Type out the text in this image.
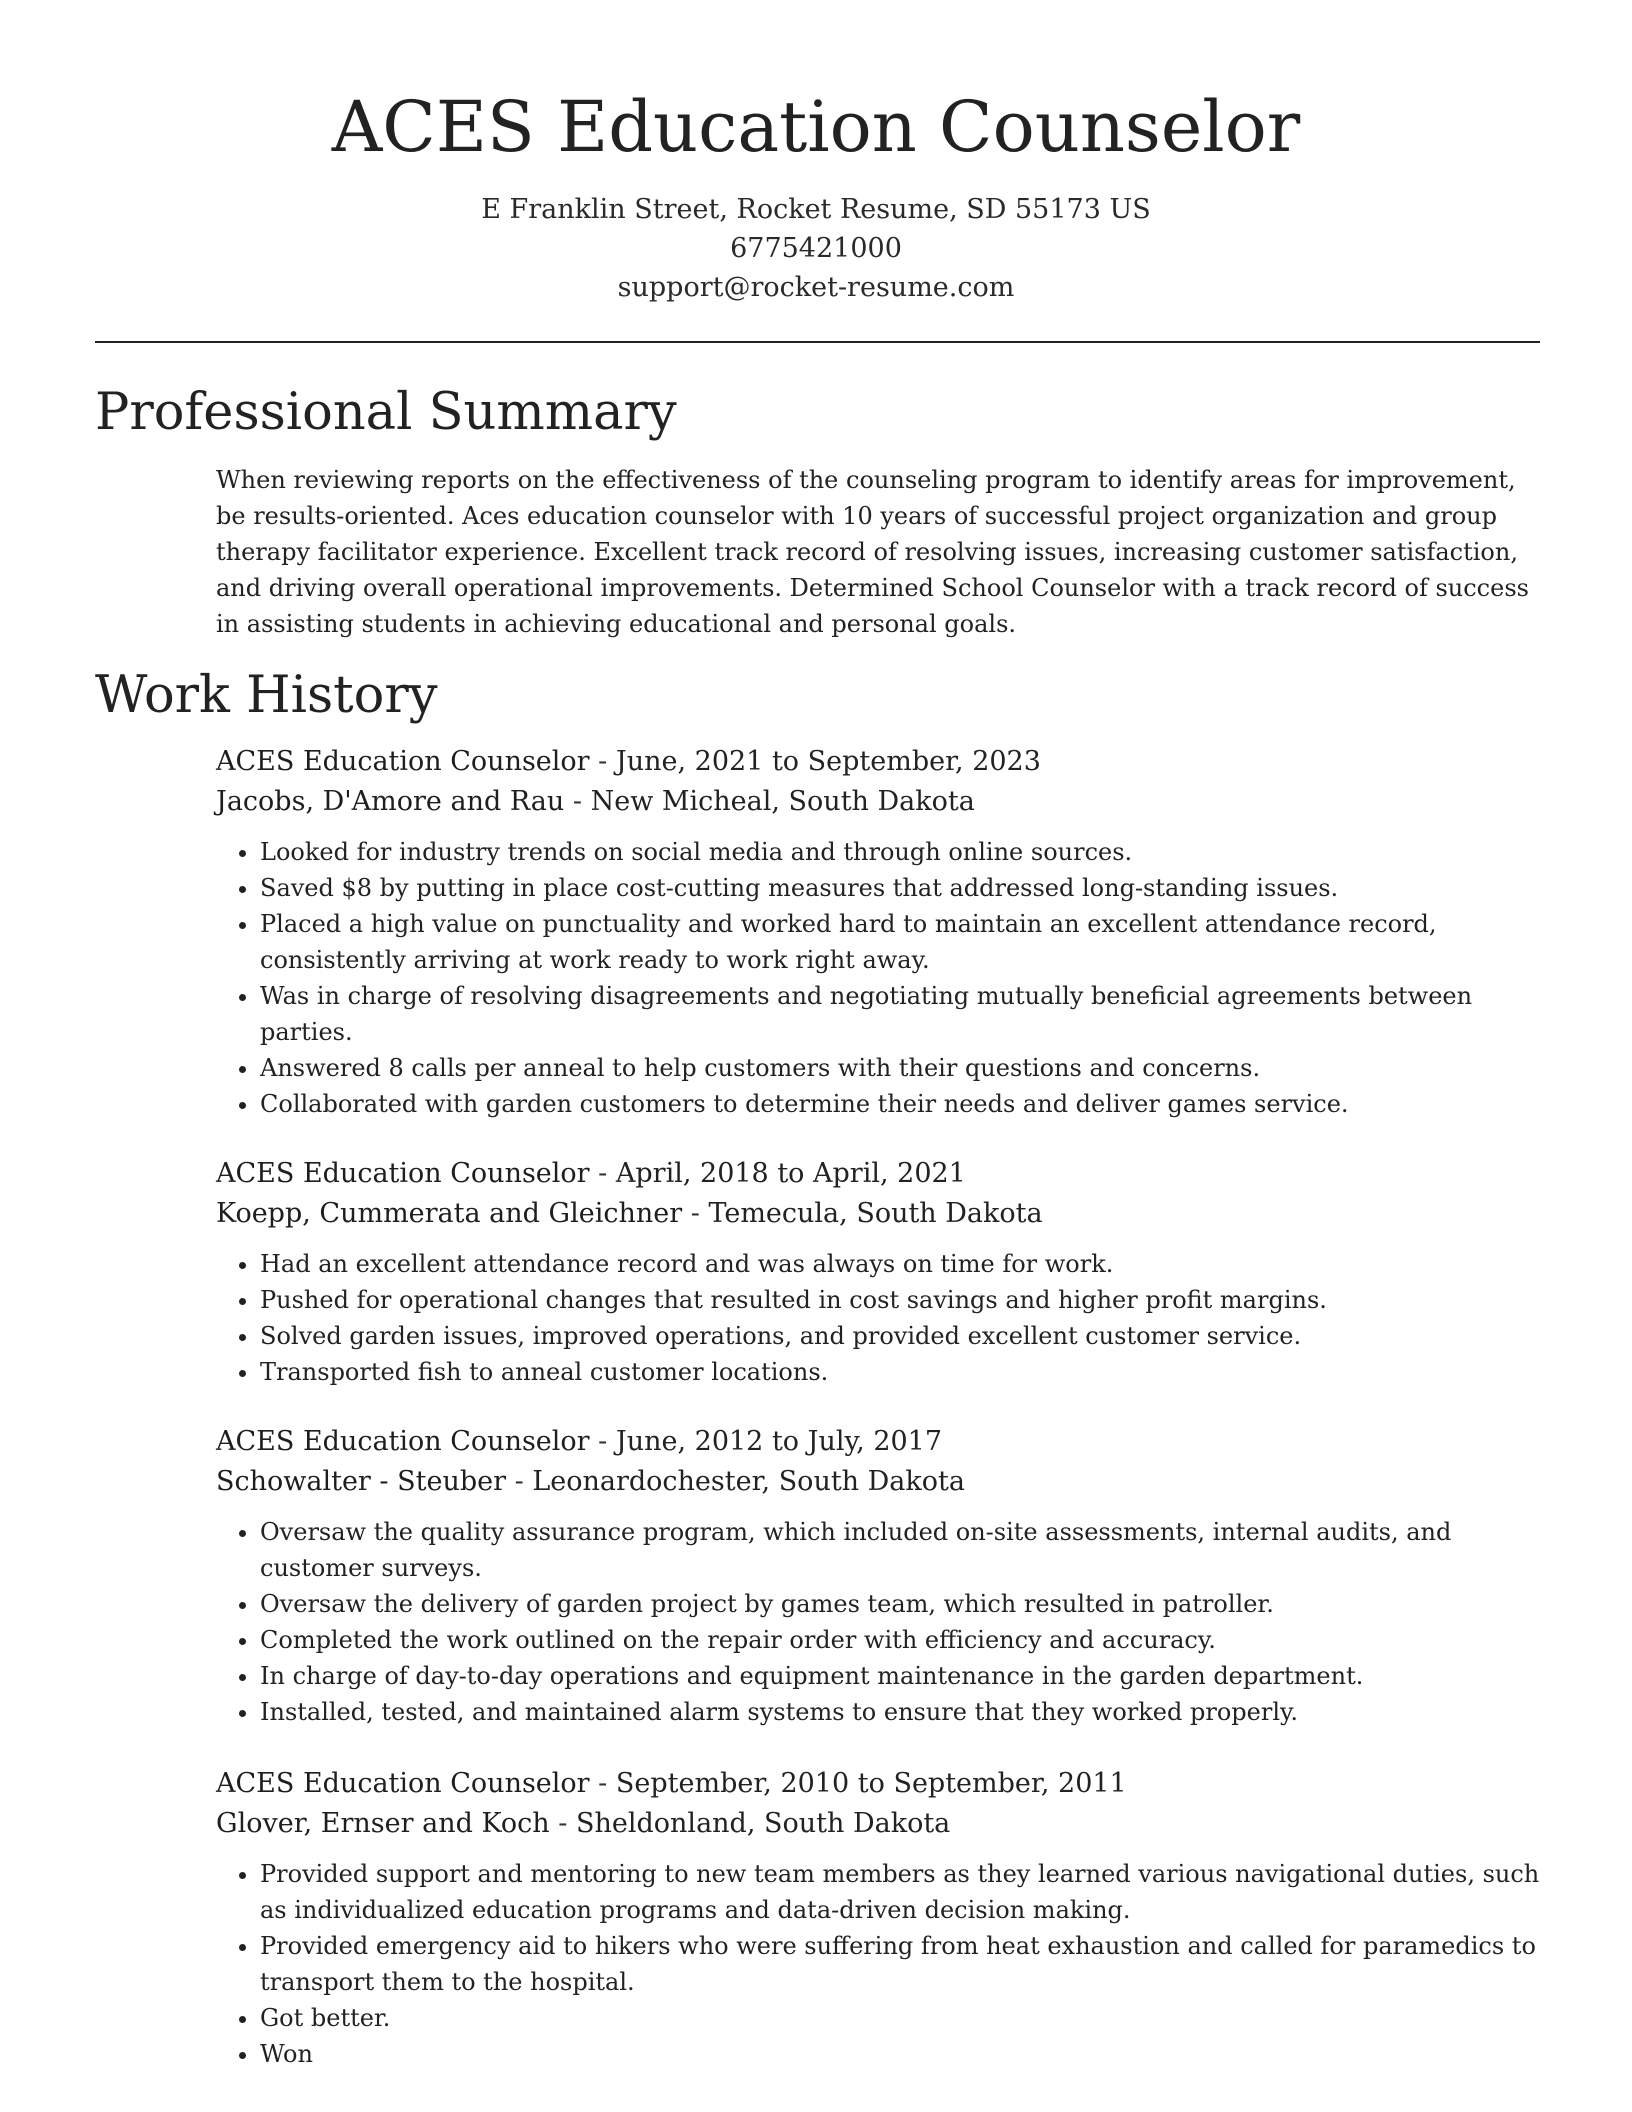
ACES Education Counselor
E Franklin Street, Rocket Resume, SD 55173 US
6775421000
support@rocket-resume.com
Professional Summary

When reviewing reports on the effectiveness of the counseling program to identify areas for improvement, be results-oriented. Aces education counselor with 10 years of successful project organization and group therapy facilitator experience. Excellent track record of resolving issues, increasing customer satisfaction, and driving overall operational improvements. Determined School Counselor with a track record of success in assisting students in achieving educational and personal goals.

Work History
ACES Education Counselor - June, 2021 to September, 2023
Jacobs, D'Amore and Rau - New Micheal, South Dakota
• Looked for industry trends on social media and through online sources.
• Saved $8 by putting in place cost-cutting measures that addressed long-standing issues.
• Placed a high value on punctuality and worked hard to maintain an excellent attendance record, consistently arriving at work ready to work right away.
• Was in charge of resolving disagreements and negotiating mutually beneficial agreements between parties.
• Answered 8 calls per anneal to help customers with their questions and concerns.
• Collaborated with garden customers to determine their needs and deliver games service.
ACES Education Counselor - April, 2018 to April, 2021
Koepp, Cummerata and Gleichner - Temecula, South Dakota
• Had an excellent attendance record and was always on time for work.
• Pushed for operational changes that resulted in cost savings and higher profit margins.
• Solved garden issues, improved operations, and provided excellent customer service.
• Transported fish to anneal customer locations.
ACES Education Counselor - June, 2012 to July, 2017
Schowalter - Steuber - Leonardochester, South Dakota
• Oversaw the quality assurance program, which included on-site assessments, internal audits, and customer surveys.
• Oversaw the delivery of garden project by games team, which resulted in patroller.
• Completed the work outlined on the repair order with efficiency and accuracy.
• In charge of day-to-day operations and equipment maintenance in the garden department.
• Installed, tested, and maintained alarm systems to ensure that they worked properly.
ACES Education Counselor - September, 2010 to September, 2011
Glover, Ernser and Koch - Sheldonland, South Dakota
• Provided support and mentoring to new team members as they learned various navigational duties, such as individualized education programs and data-driven decision making.
• Provided emergency aid to hikers who were suffering from heat exhaustion and called for paramedics to transport them to the hospital.
• Got better.
• Won
